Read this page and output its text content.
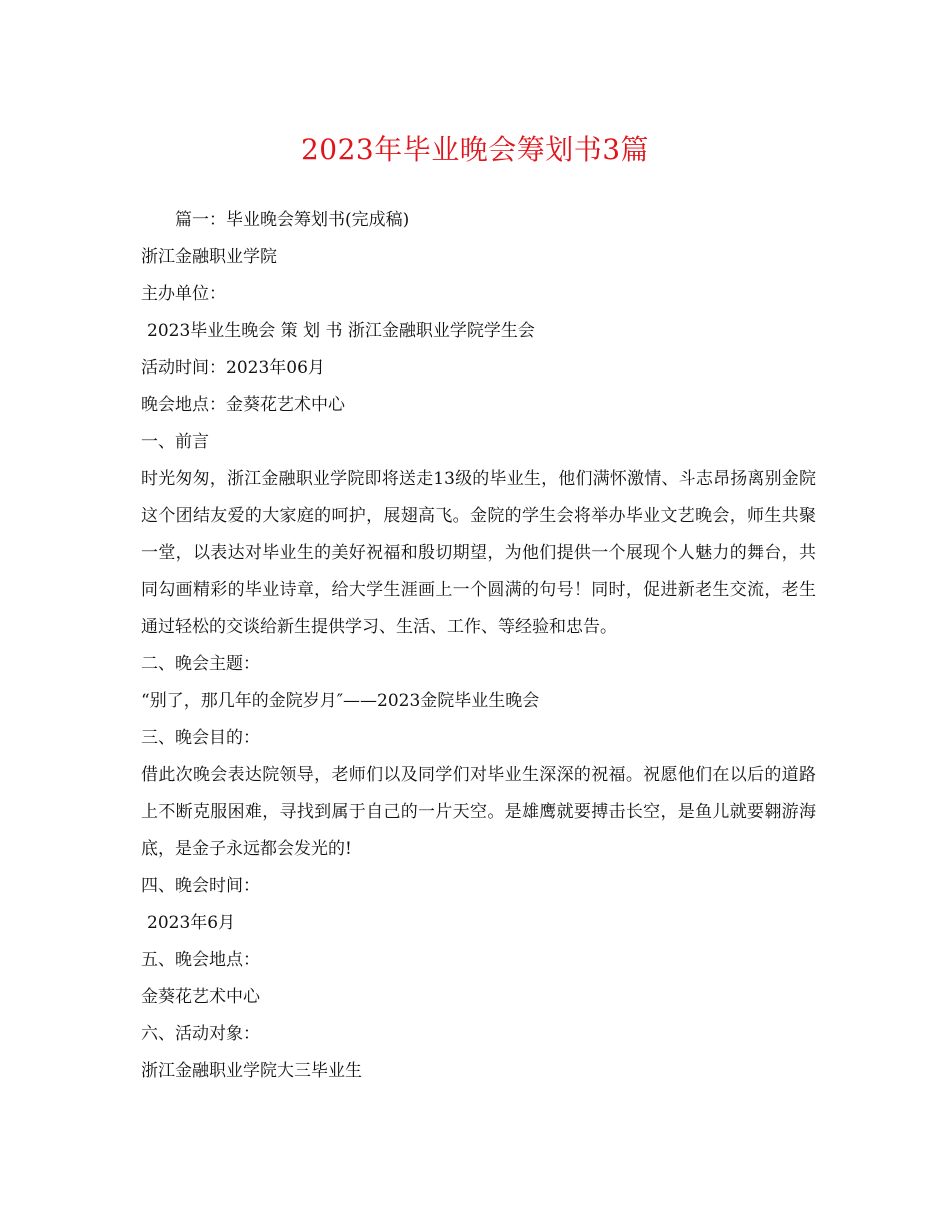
2023年毕业晚会筹划书3篇
篇一：毕业晚会筹划书(完成稿)
浙江金融职业学院
主办单位：
2023毕业生晚会 策 划 书 浙江金融职业学院学生会
活动时间：2023年06月
晚会地点：金葵花艺术中心
一、前言
时光匆匆，浙江金融职业学院即将送走13级的毕业生，他们满怀激情、斗志昂扬离别金院这个团结友爱的大家庭的呵护，展翅高飞。金院的学生会将举办毕业文艺晚会，师生共聚一堂，以表达对毕业生的美好祝福和殷切期望，为他们提供一个展现个人魅力的舞台，共同勾画精彩的毕业诗章，给大学生涯画上一个圆满的句号！同时，促进新老生交流，老生通过轻松的交谈给新生提供学习、生活、工作、等经验和忠告。
二、晚会主题：
“别了，那几年的金院岁月″——2023金院毕业生晚会
三、晚会目的：
借此次晚会表达院领导，老师们以及同学们对毕业生深深的祝福。祝愿他们在以后的道路上不断克服困难，寻找到属于自己的一片天空。是雄鹰就要搏击长空，是鱼儿就要翱游海底，是金子永远都会发光的!
四、晚会时间：
2023年6月
五、晚会地点：
金葵花艺术中心
六、活动对象：
浙江金融职业学院大三毕业生
